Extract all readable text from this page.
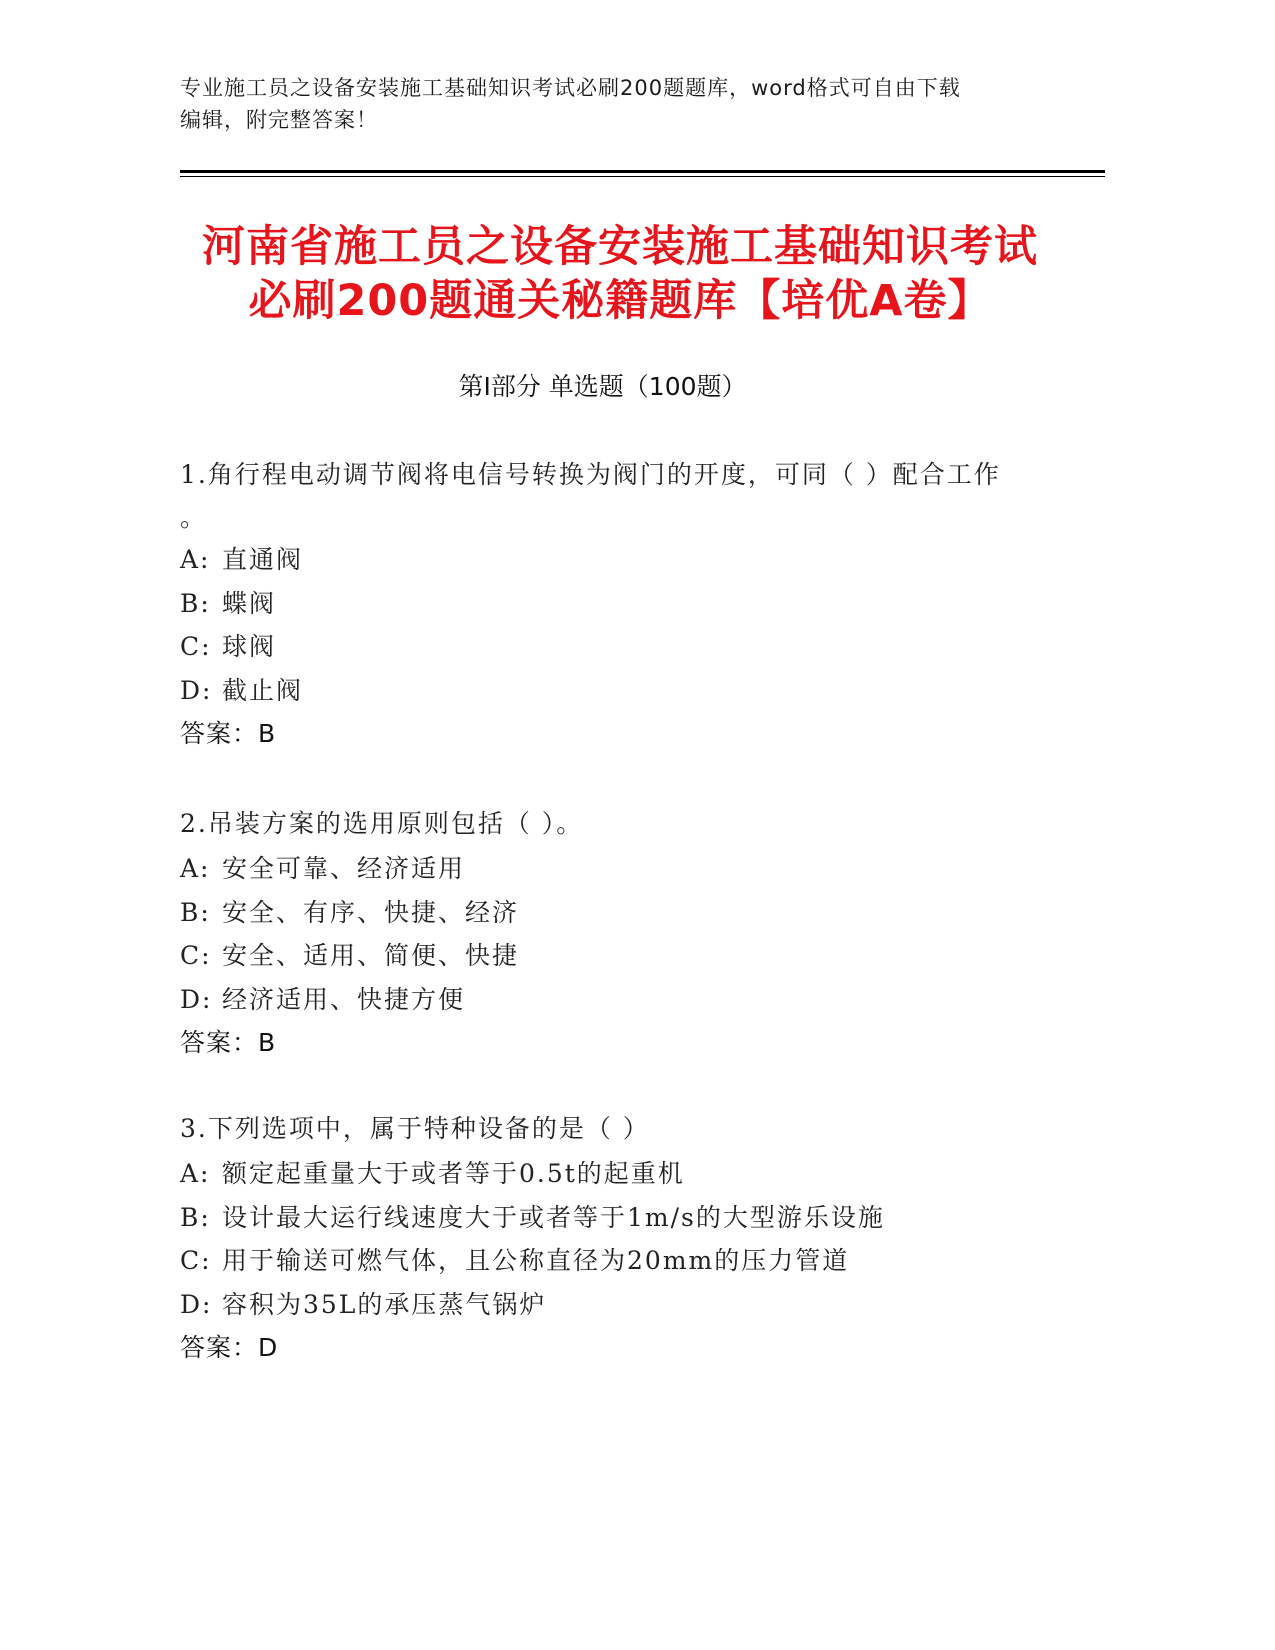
专业施工员之设备安装施工基础知识考试必刷200题题库，word格式可自由下载
编辑，附完整答案！
河南省施工员之设备安装施工基础知识考试
必刷200题通关秘籍题库【培优A卷】
第Ⅰ部分 单选题（100题）
1.角行程电动调节阀将电信号转换为阀门的开度，可同（ ）配合工作
。
A: 直通阀
B: 蝶阀
C: 球阀
D: 截止阀
答案：B
2.吊装方案的选用原则包括（ ）。
A: 安全可靠、经济适用
B: 安全、有序、快捷、经济
C: 安全、适用、简便、快捷
D: 经济适用、快捷方便
答案：B
3.下列选项中，属于特种设备的是（ ）
A: 额定起重量大于或者等于0.5t的起重机
B: 设计最大运行线速度大于或者等于1m/s的大型游乐设施
C: 用于输送可燃气体，且公称直径为20mm的压力管道
D: 容积为35L的承压蒸气锅炉
答案：D
